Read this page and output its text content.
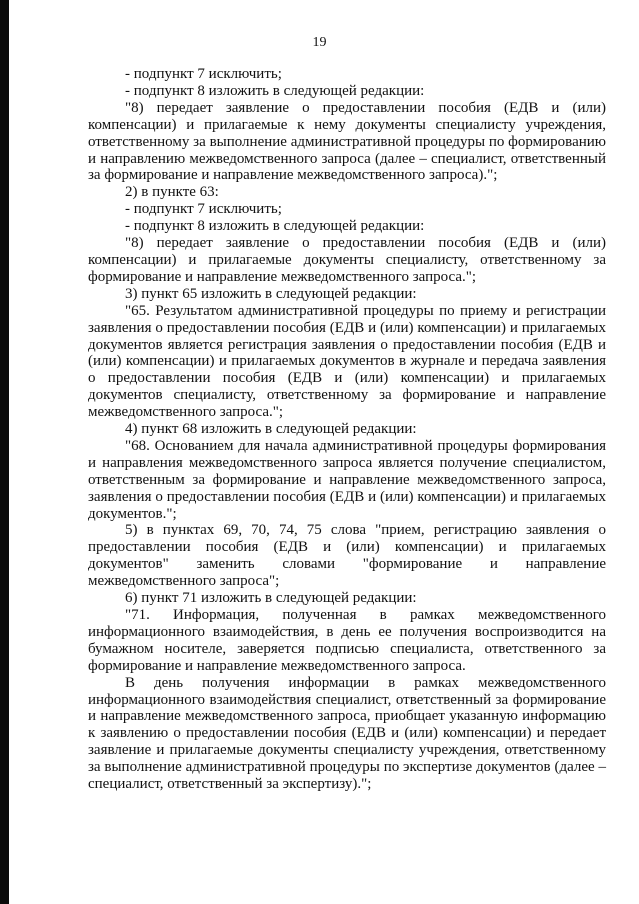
19

- подпункт 7 исключить;

- подпункт 8 изложить в следующей редакции:

"8) передает заявление о предоставлении пособия (ЕДВ и (или) компенсации) и прилагаемые к нему документы специалисту учреждения, ответственному за выполнение административной процедуры по формированию и направлению межведомственного запроса (далее – специалист, ответственный за формирование и направление межведомственного запроса).";

2) в пункте 63:

- подпункт 7 исключить;

- подпункт 8 изложить в следующей редакции:

"8) передает заявление о предоставлении пособия (ЕДВ и (или) компенсации) и прилагаемые документы специалисту, ответственному за формирование и направление межведомственного запроса.";

3) пункт 65 изложить в следующей редакции:

"65. Результатом административной процедуры по приему и регистрации заявления о предоставлении пособия (ЕДВ и (или) компенсации) и прилагаемых документов является регистрация заявления о предоставлении пособия (ЕДВ и (или) компенсации) и прилагаемых документов в журнале и передача заявления о предоставлении пособия (ЕДВ и (или) компенсации) и прилагаемых документов специалисту, ответственному за формирование и направление межведомственного запроса.";

4) пункт 68 изложить в следующей редакции:

"68. Основанием для начала административной процедуры формирования и направления межведомственного запроса является получение специалистом, ответственным за формирование и направление межведомственного запроса, заявления о предоставлении пособия (ЕДВ и (или) компенсации) и прилагаемых документов.";

5) в пунктах 69, 70, 74, 75 слова "прием, регистрацию заявления о предоставлении пособия (ЕДВ и (или) компенсации) и прилагаемых документов" заменить словами "формирование и направление межведомственного запроса";

6) пункт 71 изложить в следующей редакции:

"71. Информация, полученная в рамках межведомственного информационного взаимодействия, в день ее получения воспроизводится на бумажном носителе, заверяется подписью специалиста, ответственного за формирование и направление межведомственного запроса.

В день получения информации в рамках межведомственного информационного взаимодействия специалист, ответственный за формирование и направление межведомственного запроса, приобщает указанную информацию к заявлению о предоставлении пособия (ЕДВ и (или) компенсации) и передает заявление и прилагаемые документы специалисту учреждения, ответственному за выполнение административной процедуры по экспертизе документов (далее – специалист, ответственный за экспертизу).";
